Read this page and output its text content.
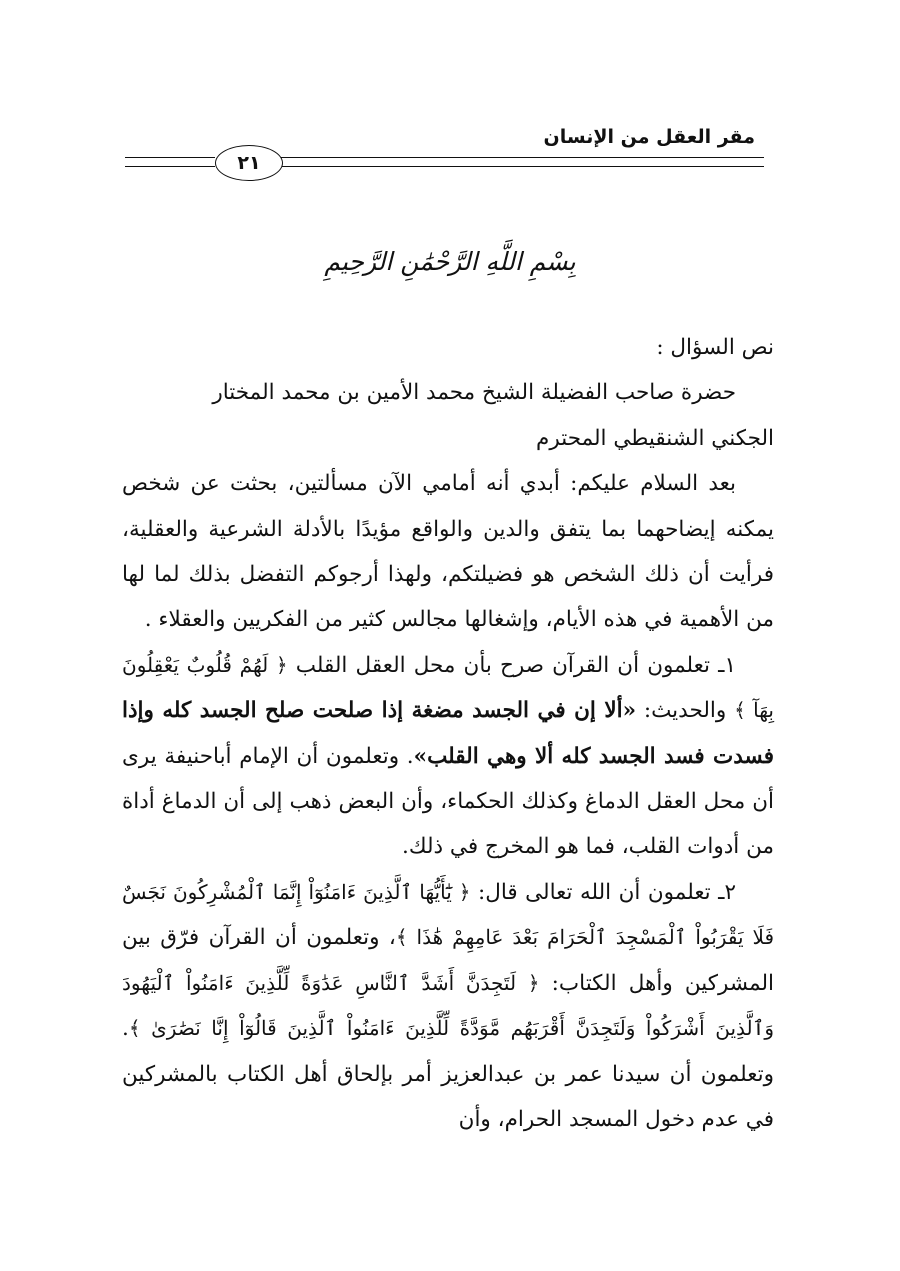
مقر العقل من الإنسان
٢١
بِسْمِ اللَّهِ الرَّحْمَٰنِ الرَّحِيمِ

نص السؤال :

حضرة صاحب الفضيلة الشيخ محمد الأمين بن محمد المختار

الجكني الشنقيطي المحترم

بعد السلام عليكم: أبدي أنه أمامي الآن مسألتين، بحثت عن شخص يمكنه إيضاحهما بما يتفق والدين والواقع مؤيدًا بالأدلة الشرعية والعقلية، فرأيت أن ذلك الشخص هو فضيلتكم، ولهذا أرجوكم التفضل بذلك لما لها من الأهمية في هذه الأيام، وإشغالها مجالس كثير من الفكريين والعقلاء .

١ـ تعلمون أن القرآن صرح بأن محل العقل القلب ﴿ لَهُمْ قُلُوبٌ يَعْقِلُونَ بِهَآ ﴾ والحديث: «ألا إن في الجسد مضغة إذا صلحت صلح الجسد كله وإذا فسدت فسد الجسد كله ألا وهي القلب». وتعلمون أن الإمام أباحنيفة يرى أن محل العقل الدماغ وكذلك الحكماء، وأن البعض ذهب إلى أن الدماغ أداة من أدوات القلب، فما هو المخرج في ذلك.

٢ـ تعلمون أن الله تعالى قال: ﴿ يَٰٓأَيُّهَا ٱلَّذِينَ ءَامَنُوٓاْ إِنَّمَا ٱلْمُشْرِكُونَ نَجَسٌ فَلَا يَقْرَبُواْ ٱلْمَسْجِدَ ٱلْحَرَامَ بَعْدَ عَامِهِمْ هَٰذَا ﴾، وتعلمون أن القرآن فرّق بين المشركين وأهل الكتاب: ﴿ لَتَجِدَنَّ أَشَدَّ ٱلنَّاسِ عَدَٰوَةً لِّلَّذِينَ ءَامَنُواْ ٱلْيَهُودَ وَٱلَّذِينَ أَشْرَكُواْ وَلَتَجِدَنَّ أَقْرَبَهُم مَّوَدَّةً لِّلَّذِينَ ءَامَنُواْ ٱلَّذِينَ قَالُوٓاْ إِنَّا نَصَٰرَىٰ ﴾. وتعلمون أن سيدنا عمر بن عبدالعزيز أمر بإلحاق أهل الكتاب بالمشركين في عدم دخول المسجد الحرام، وأن
